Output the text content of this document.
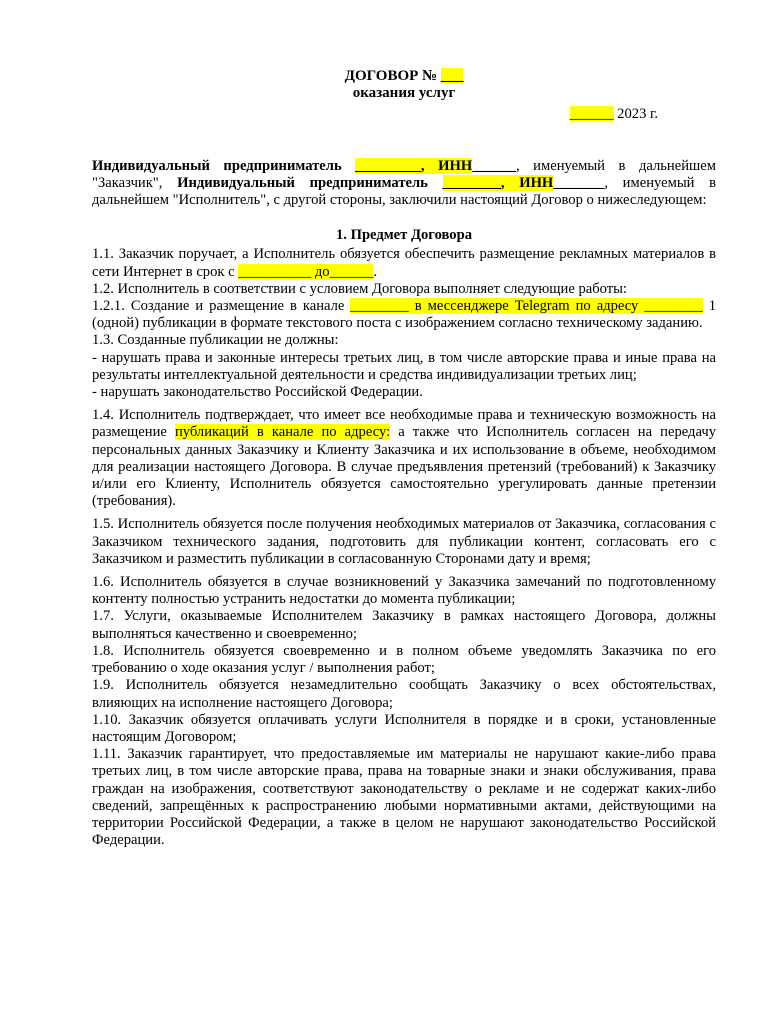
ДОГОВОР № ___
оказания услуг
______ 2023 г.

Индивидуальный предприниматель _________, ИНН______, именуемый в дальнейшем "Заказчик", Индивидуальный предприниматель ________, ИНН_______, именуемый в дальнейшем "Исполнитель", с другой стороны, заключили настоящий Договор о нижеследующем:

1. Предмет Договора

1.1. Заказчик поручает, а Исполнитель обязуется обеспечить размещение рекламных материалов в сети Интернет в срок с __________ до______.

1.2. Исполнитель в соответствии с условием Договора выполняет следующие работы:

1.2.1. Создание и размещение в канале ________ в мессенджере Telegram по адресу ________ 1 (одной) публикации в формате текстового поста с изображением согласно техническому заданию.

1.3. Созданные публикации не должны:

- нарушать права и законные интересы третьих лиц, в том числе авторские права и иные права на результаты интеллектуальной деятельности и средства индивидуализации третьих лиц;

- нарушать законодательство Российской Федерации.

1.4. Исполнитель подтверждает, что имеет все необходимые права и техническую возможность на размещение публикаций в канале по адресу: а также что Исполнитель согласен на передачу персональных данных Заказчику и Клиенту Заказчика и их использование в объеме, необходимом для реализации настоящего Договора. В случае предъявления претензий (требований) к Заказчику и/или его Клиенту, Исполнитель обязуется самостоятельно урегулировать данные претензии (требования).

1.5. Исполнитель обязуется после получения необходимых материалов от Заказчика, согласования с Заказчиком технического задания, подготовить для публикации контент, согласовать его с Заказчиком и разместить публикации в согласованную Сторонами дату и время;

1.6. Исполнитель обязуется в случае возникновений у Заказчика замечаний по подготовленному контенту полностью устранить недостатки до момента публикации;

1.7. Услуги, оказываемые Исполнителем Заказчику в рамках настоящего Договора, должны выполняться качественно и своевременно;

1.8. Исполнитель обязуется своевременно и в полном объеме уведомлять Заказчика по его требованию о ходе оказания услуг / выполнения работ;

1.9. Исполнитель обязуется незамедлительно сообщать Заказчику о всех обстоятельствах, влияющих на исполнение настоящего Договора;

1.10. Заказчик обязуется оплачивать услуги Исполнителя в порядке и в сроки, установленные настоящим Договором;

1.11. Заказчик гарантирует, что предоставляемые им материалы не нарушают какие-либо права третьих лиц, в том числе авторские права, права на товарные знаки и знаки обслуживания, права граждан на изображения, соответствуют законодательству о рекламе и не содержат каких-либо сведений, запрещённых к распространению любыми нормативными актами, действующими на территории Российской Федерации, а также в целом не нарушают законодательство Российской Федерации.
